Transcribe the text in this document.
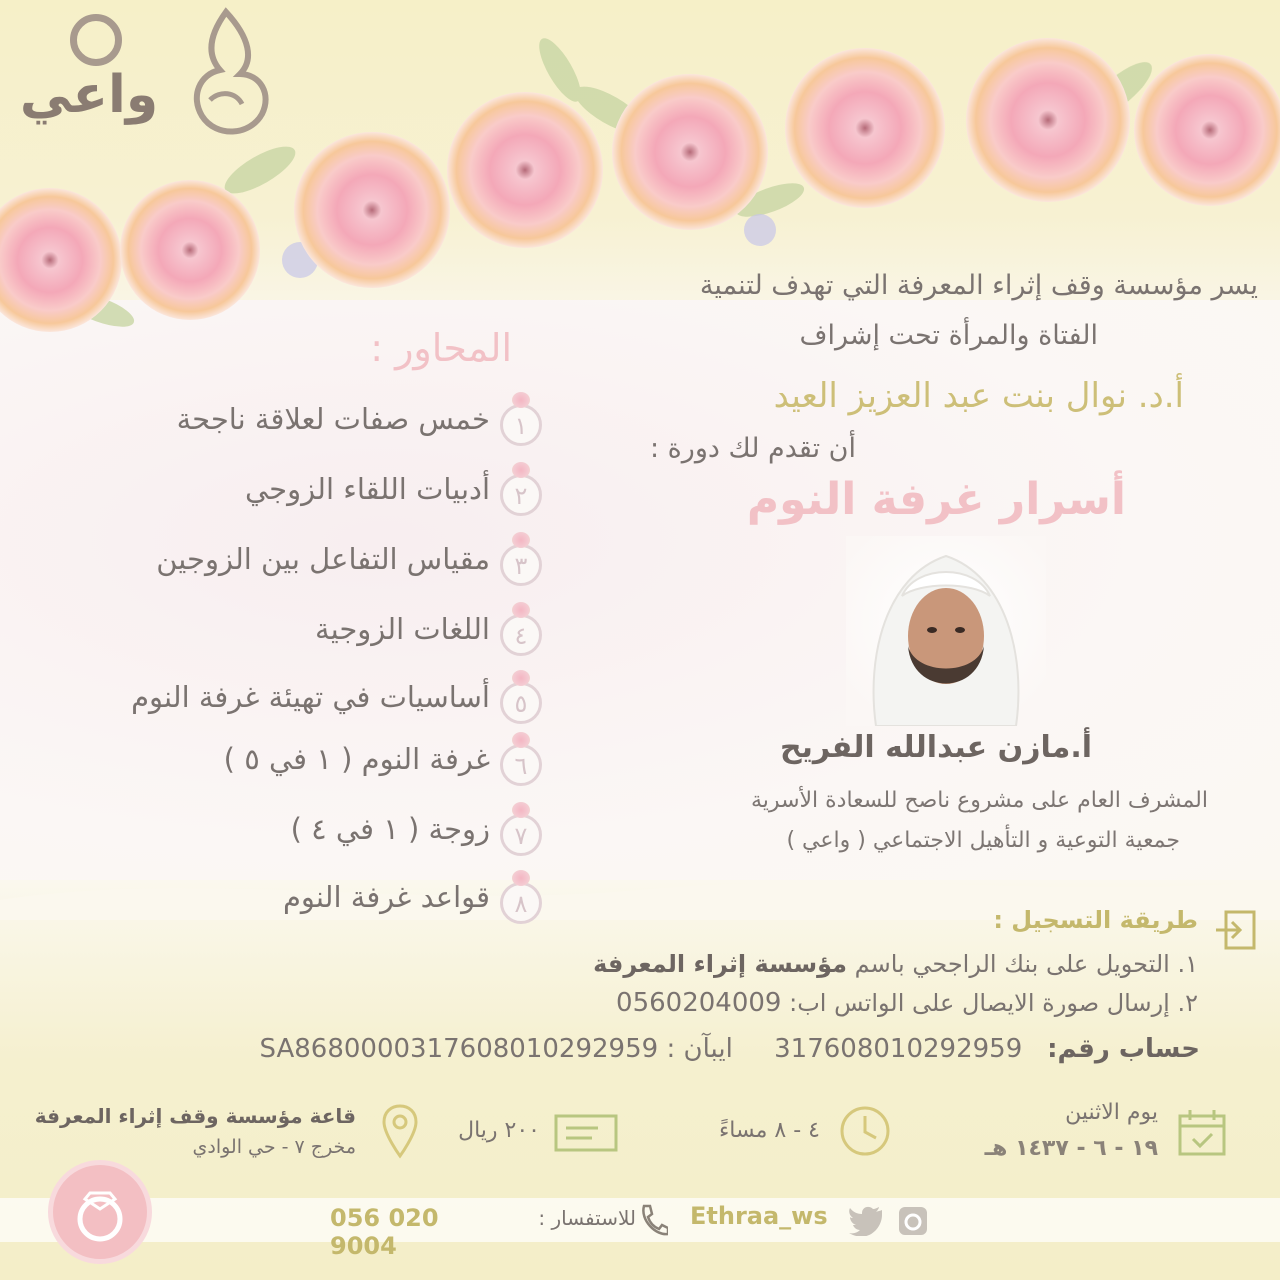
واعي
يسر مؤسسة وقف إثراء المعرفة التي تهدف لتنمية
الفتاة والمرأة تحت إشراف
أ.د. نوال بنت عبد العزيز العيد
أن تقدم لك دورة :
أسرار غرفة النوم
أ.مازن عبدالله الفريح
المشرف العام على مشروع ناصح للسعادة الأسرية
جمعية التوعية و التأهيل الاجتماعي ( واعي )
المحاور :
١
خمس صفات لعلاقة ناجحة
٢
أدبيات اللقاء الزوجي
٣
مقياس التفاعل بين الزوجين
٤
اللغات الزوجية
٥
أساسيات في تهيئة غرفة النوم
٦
غرفة النوم ( ١ في ٥ )
٧
زوجة ( ١ في ٤ )
٨
قواعد غرفة النوم
طريقة التسجيل :
١. التحويل على بنك الراجحي باسم مؤسسة إثراء المعرفة
٢. إرسال صورة الايصال على الواتس اب: 0560204009
حساب رقم:   317608010292959     ايبآن : SA8680000317608010292959
يوم الاثنين
١٩ - ٦ - ١٤٣٧ هـ
٤ - ٨ مساءً
٢٠٠ ريال
قاعة مؤسسة وقف إثراء المعرفة
مخرج ٧ - حي الوادي
Ethraa_ws
للاستفسار :
056 020 9004
